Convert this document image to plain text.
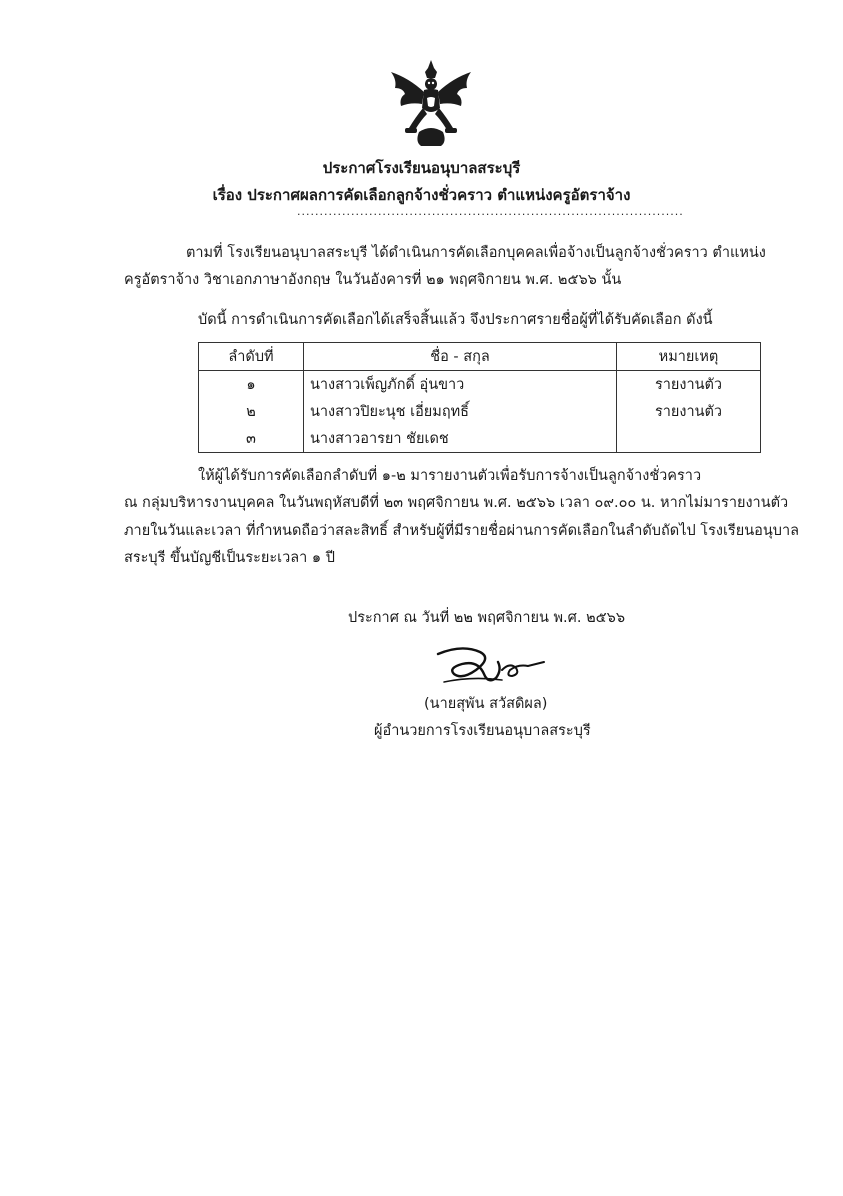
ประกาศโรงเรียนอนุบาลสระบุรี
เรื่อง ประกาศผลการคัดเลือกลูกจ้างชั่วคราว ตำแหน่งครูอัตราจ้าง
......................................................................................
ตามที่ โรงเรียนอนุบาลสระบุรี ได้ดำเนินการคัดเลือกบุคคลเพื่อจ้างเป็นลูกจ้างชั่วคราว ตำแหน่ง
ครูอัตราจ้าง วิชาเอกภาษาอังกฤษ ในวันอังคารที่ ๒๑ พฤศจิกายน พ.ศ. ๒๕๖๖ นั้น
บัดนี้ การดำเนินการคัดเลือกได้เสร็จสิ้นแล้ว จึงประกาศรายชื่อผู้ที่ได้รับคัดเลือก ดังนี้
ลำดับที่	ชื่อ - สกุล	หมายเหตุ
๑	นางสาวเพ็ญภักดิ์ อุ่นขาว	รายงานตัว
๒	นางสาวปิยะนุช เอี่ยมฤทธิ์	รายงานตัว
๓	นางสาวอารยา ชัยเดช	
ให้ผู้ได้รับการคัดเลือกลำดับที่ ๑-๒ มารายงานตัวเพื่อรับการจ้างเป็นลูกจ้างชั่วคราว
ณ กลุ่มบริหารงานบุคคล ในวันพฤหัสบดีที่ ๒๓ พฤศจิกายน พ.ศ. ๒๕๖๖ เวลา ๐๙.๐๐ น. หากไม่มารายงานตัว
ภายในวันและเวลา ที่กำหนดถือว่าสละสิทธิ์ สำหรับผู้ที่มีรายชื่อผ่านการคัดเลือกในลำดับถัดไป โรงเรียนอนุบาล
สระบุรี ขึ้นบัญชีเป็นระยะเวลา ๑ ปี
ประกาศ ณ วันที่ ๒๒ พฤศจิกายน พ.ศ. ๒๕๖๖
(นายสุพัน สวัสดิผล)
ผู้อำนวยการโรงเรียนอนุบาลสระบุรี
